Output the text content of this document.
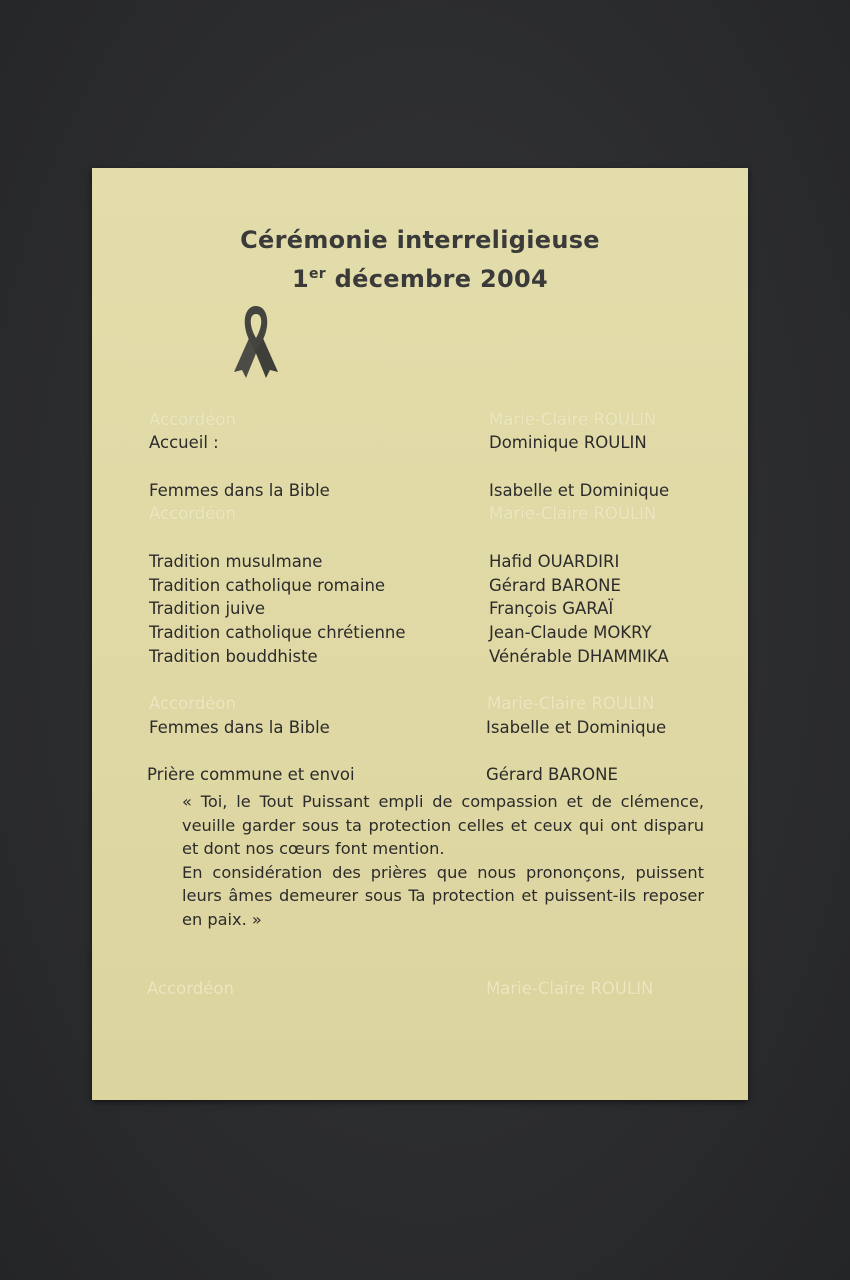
Cérémonie interreligieuse
1er décembre 2004
Accordéon	Marie-Claire ROULIN
Accueil :	Dominique ROULIN
Femmes dans la Bible	Isabelle et Dominique
Accordéon	Marie-Claire ROULIN
Tradition musulmane	Hafid OUARDIRI
Tradition catholique romaine	Gérard BARONE
Tradition juive	François GARAÏ
Tradition catholique chrétienne	Jean-Claude MOKRY
Tradition bouddhiste	Vénérable DHAMMIKA
Accordéon	Marie-Claire ROULIN
Femmes dans la Bible	Isabelle et Dominique
Prière commune et envoi	Gérard BARONE

« Toi, le Tout Puissant empli de compassion et de clémence, veuille garder sous ta protection celles et ceux qui ont disparu et dont nos cœurs font mention.

En considération des prières que nous prononçons, puissent leurs âmes demeurer sous Ta protection et puissent-ils reposer en paix. »

Accordéon	Marie-Claire ROULIN
